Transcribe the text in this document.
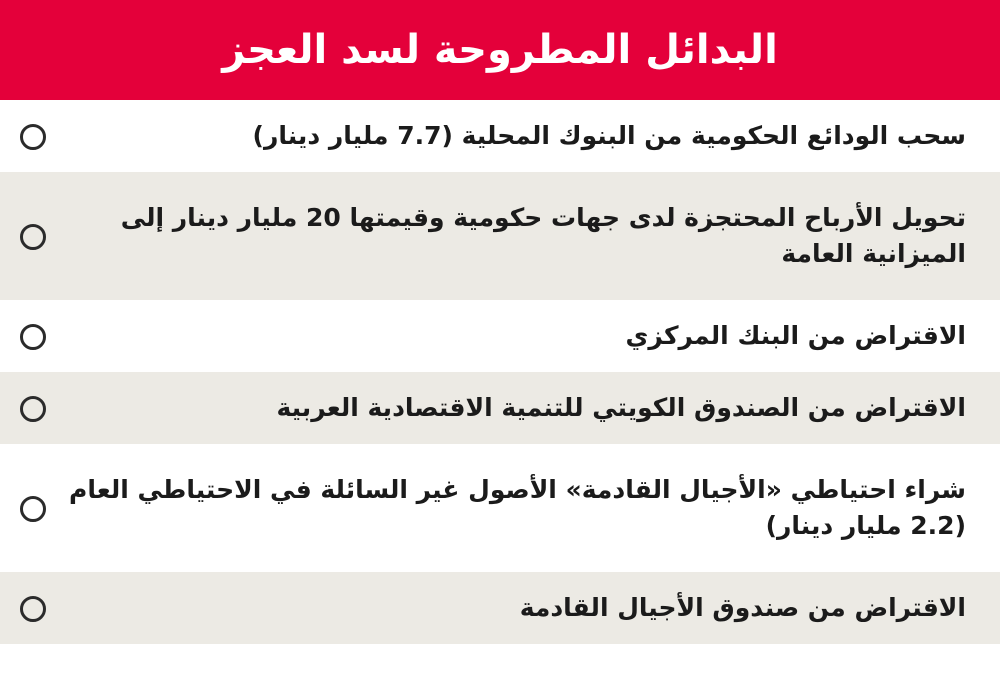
البدائل المطروحة لسد العجز
سحب الودائع الحكومية من البنوك المحلية (7.7 مليار دينار)
تحويل الأرباح المحتجزة لدى جهات حكومية وقيمتها 20 مليار دينار إلى الميزانية العامة
الاقتراض من البنك المركزي
الاقتراض من الصندوق الكويتي للتنمية الاقتصادية العربية
شراء احتياطي «الأجيال القادمة» الأصول غير السائلة في الاحتياطي العام (2.2 مليار دينار)
الاقتراض من صندوق الأجيال القادمة
